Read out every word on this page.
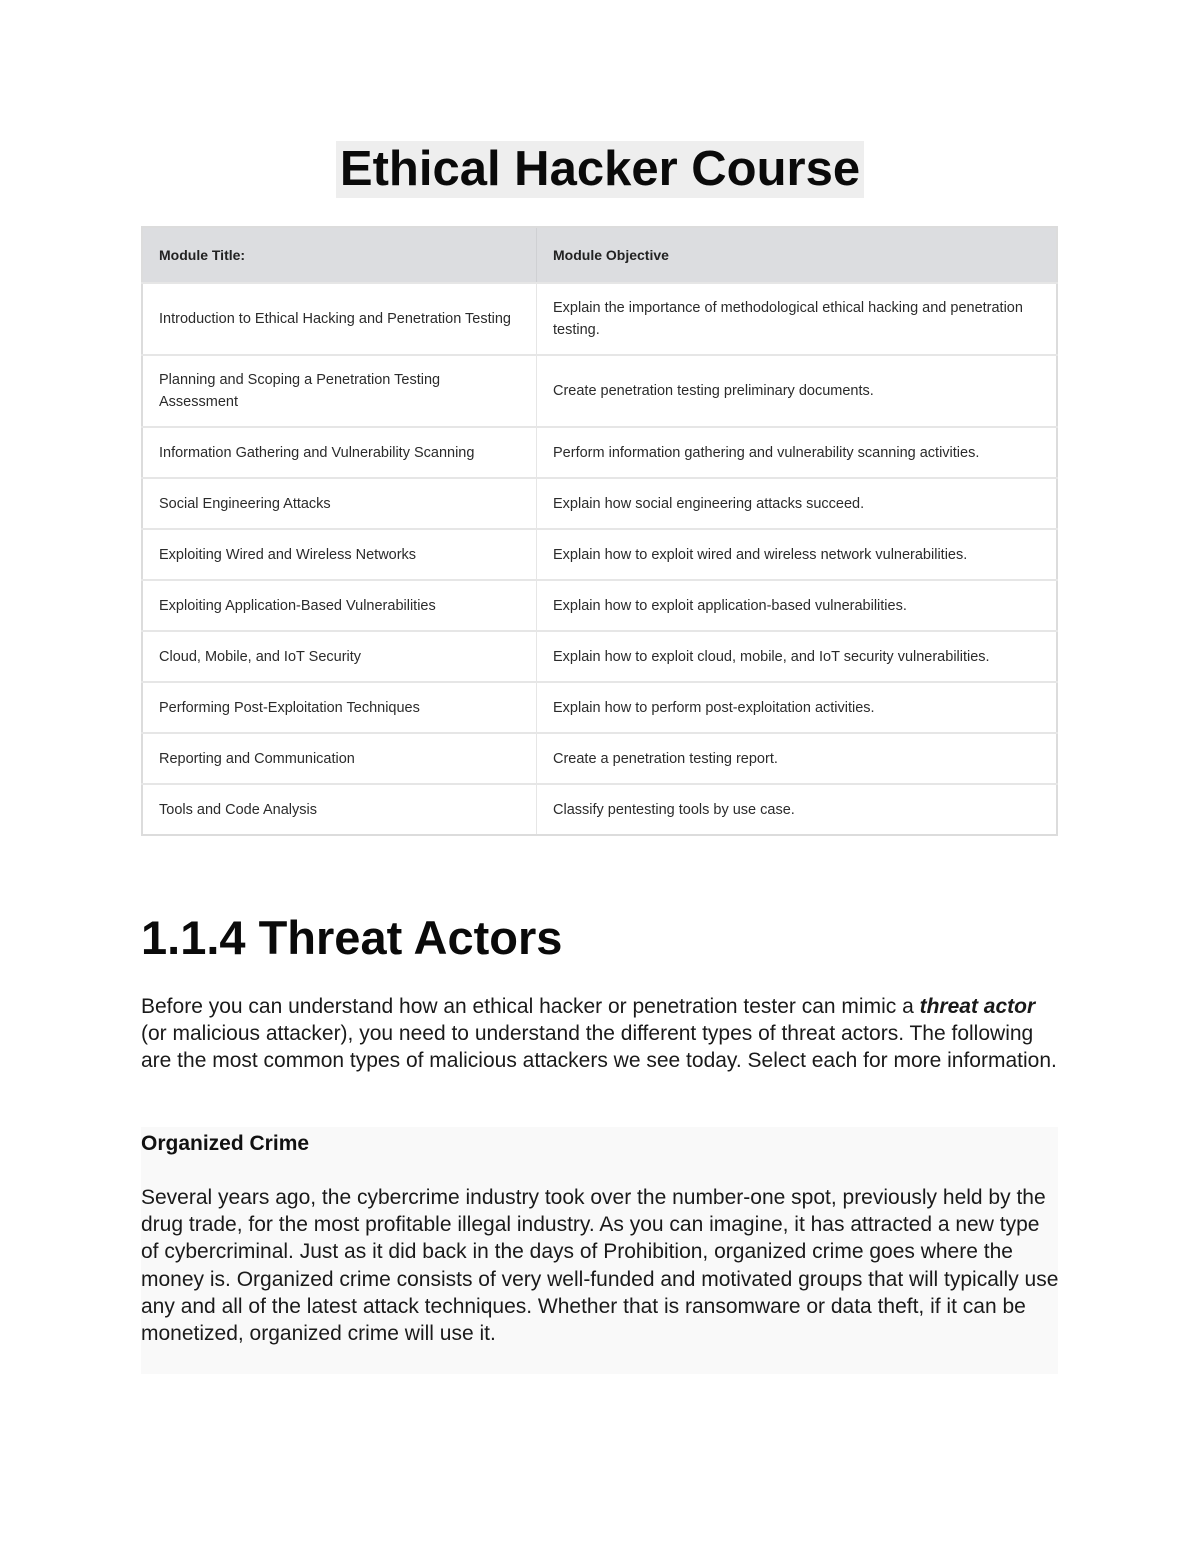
Ethical Hacker Course
Module Title:	Module Objective
Introduction to Ethical Hacking and Penetration Testing	Explain the importance of methodological ethical hacking and penetration testing.
Planning and Scoping a Penetration Testing Assessment	Create penetration testing preliminary documents.
Information Gathering and Vulnerability Scanning	Perform information gathering and vulnerability scanning activities.
Social Engineering Attacks	Explain how social engineering attacks succeed.
Exploiting Wired and Wireless Networks	Explain how to exploit wired and wireless network vulnerabilities.
Exploiting Application-Based Vulnerabilities	Explain how to exploit application-based vulnerabilities.
Cloud, Mobile, and IoT Security	Explain how to exploit cloud, mobile, and IoT security vulnerabilities.
Performing Post-Exploitation Techniques	Explain how to perform post-exploitation activities.
Reporting and Communication	Create a penetration testing report.
Tools and Code Analysis	Classify pentesting tools by use case.
1.1.4 Threat Actors

Before you can understand how an ethical hacker or penetration tester can mimic a threat actor (or malicious attacker), you need to understand the different types of threat actors. The following are the most common types of malicious attackers we see today. Select each for more information.

Organized Crime

Several years ago, the cybercrime industry took over the number-one spot, previously held by the drug trade, for the most profitable illegal industry. As you can imagine, it has attracted a new type of cybercriminal. Just as it did back in the days of Prohibition, organized crime goes where the money is. Organized crime consists of very well-funded and motivated groups that will typically use any and all of the latest attack techniques. Whether that is ransomware or data theft, if it can be monetized, organized crime will use it.
